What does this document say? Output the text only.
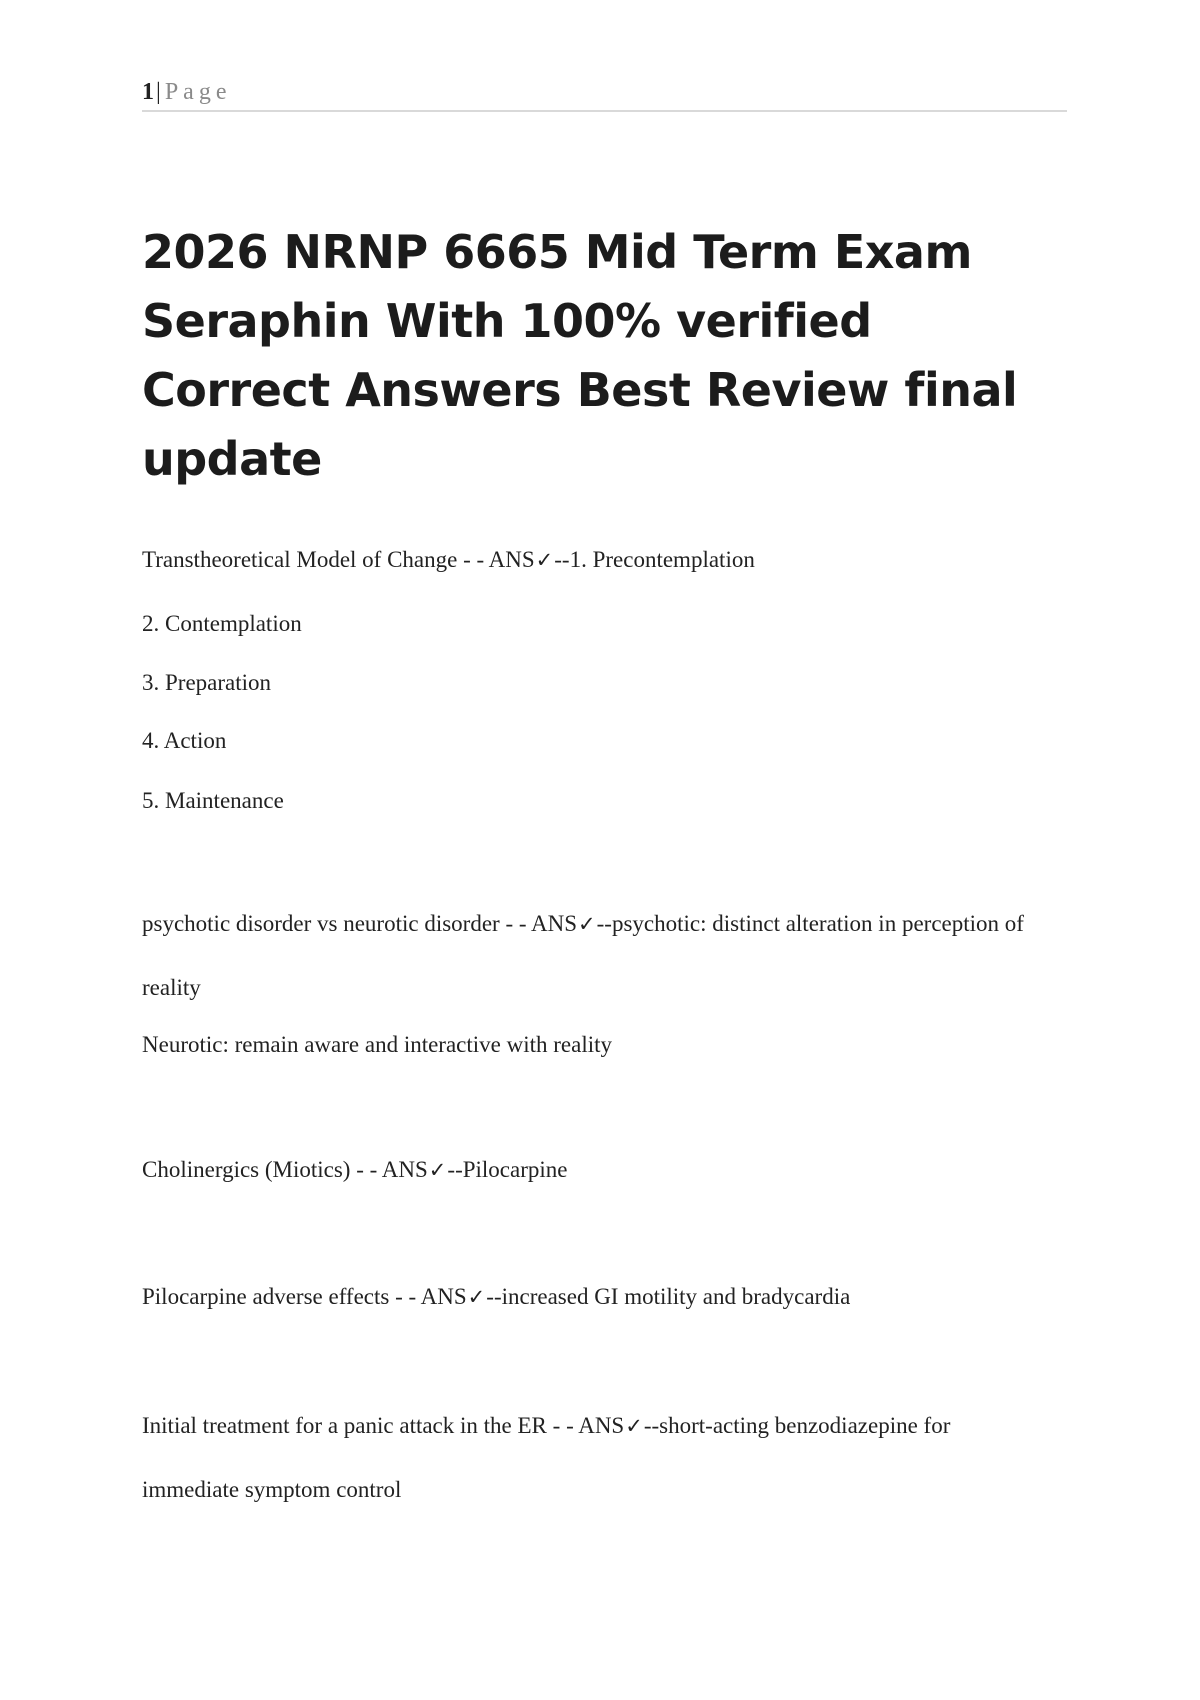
1| Page
2026 NRNP 6665 Mid Term Exam Seraphin With 100% verified Correct Answers Best Review final update

Transtheoretical Model of Change - - ANS✓--1. Precontemplation

2. Contemplation

3. Preparation

4. Action

5. Maintenance

psychotic disorder vs neurotic disorder - - ANS✓--psychotic: distinct alteration in perception of

reality

Neurotic: remain aware and interactive with reality

Cholinergics (Miotics) - - ANS✓--Pilocarpine

Pilocarpine adverse effects - - ANS✓--increased GI motility and bradycardia

Initial treatment for a panic attack in the ER - - ANS✓--short-acting benzodiazepine for

immediate symptom control
